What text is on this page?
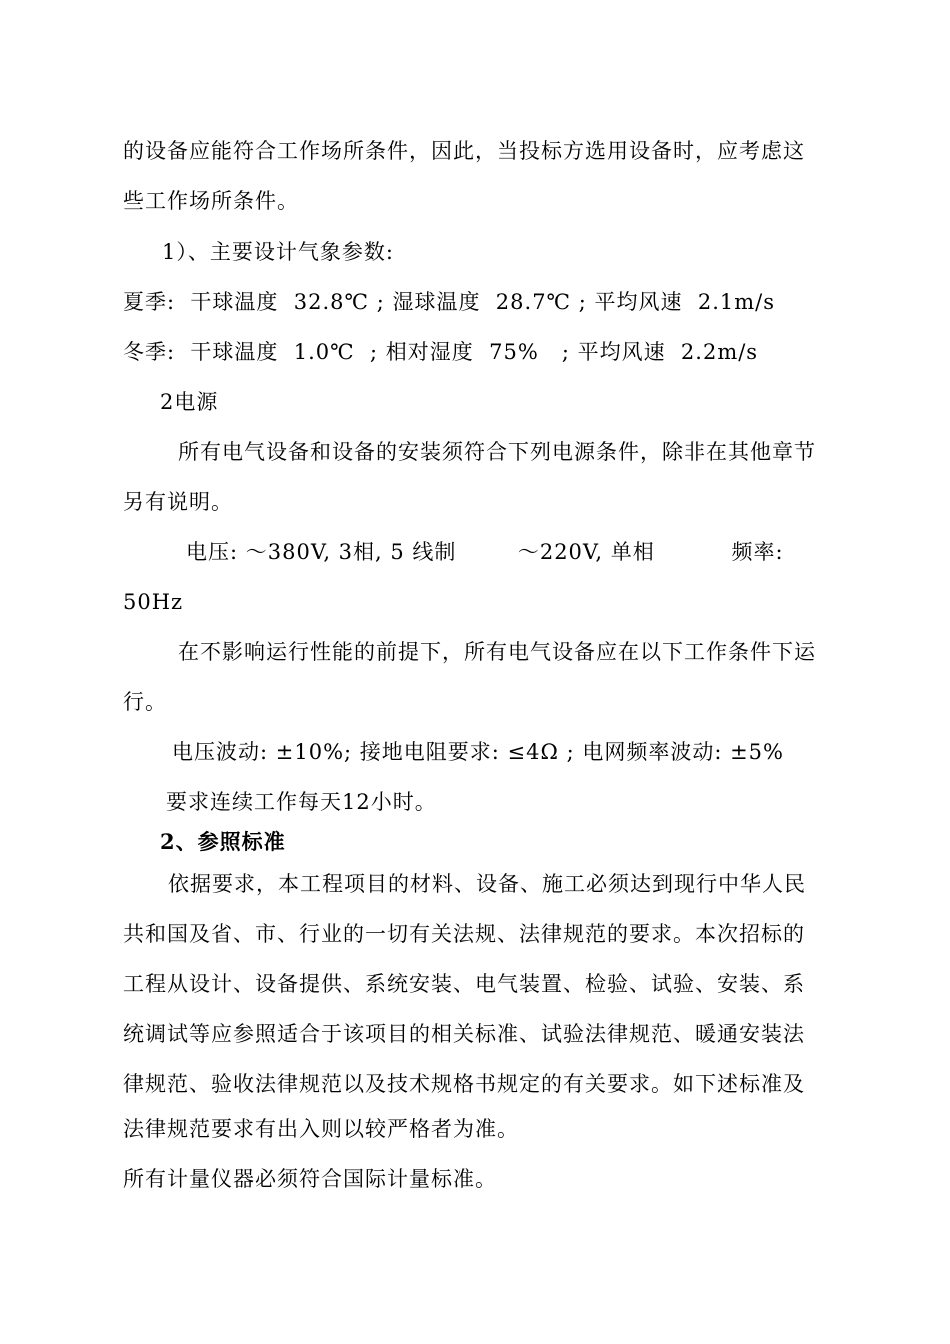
的设备应能符合工作场所条件，因此，当投标方选用设备时，应考虑这
些工作场所条件。
1）、主要设计气象参数:
夏季:  干球温度  32.8℃ ; 湿球温度  28.7℃ ; 平均风速  2.1m/s
冬季:  干球温度  1.0℃  ; 相对湿度  75%   ; 平均风速  2.2m/s
2电源
所有电气设备和设备的安装须符合下列电源条件，除非在其他章节
另有说明。
电压: ～380V, 3相, 5 线制        ～220V, 单相          频率:
50Hz
在不影响运行性能的前提下，所有电气设备应在以下工作条件下运
行。
电压波动: ±10%; 接地电阻要求: ≤4Ω ; 电网频率波动: ±5%
要求连续工作每天12小时。
2、参照标准
依据要求，本工程项目的材料、设备、施工必须达到现行中华人民
共和国及省、市、行业的一切有关法规、法律规范的要求。本次招标的
工程从设计、设备提供、系统安装、电气装置、检验、试验、安装、系
统调试等应参照适合于该项目的相关标准、试验法律规范、暖通安装法
律规范、验收法律规范以及技术规格书规定的有关要求。如下述标准及
法律规范要求有出入则以较严格者为准。
所有计量仪器必须符合国际计量标准。
